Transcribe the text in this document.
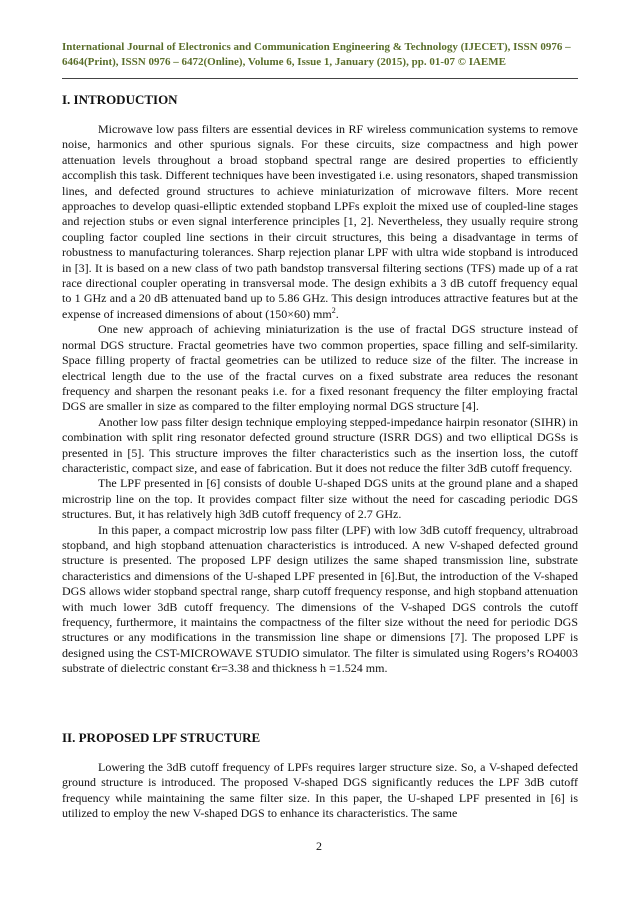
International Journal of Electronics and Communication Engineering & Technology (IJECET), ISSN 0976 – 6464(Print), ISSN 0976 – 6472(Online), Volume 6, Issue 1, January (2015), pp. 01-07 © IAEME
I. INTRODUCTION

Microwave low pass filters are essential devices in RF wireless communication systems to remove noise, harmonics and other spurious signals. For these circuits, size compactness and high power attenuation levels throughout a broad stopband spectral range are desired properties to efficiently accomplish this task. Different techniques have been investigated i.e. using resonators, shaped transmission lines, and defected ground structures to achieve miniaturization of microwave filters. More recent approaches to develop quasi-elliptic extended stopband LPFs exploit the mixed use of coupled-line stages and rejection stubs or even signal interference principles [1, 2]. Nevertheless, they usually require strong coupling factor coupled line sections in their circuit structures, this being a disadvantage in terms of robustness to manufacturing tolerances. Sharp rejection planar LPF with ultra wide stopband is introduced in [3]. It is based on a new class of two path bandstop transversal filtering sections (TFS) made up of a rat race directional coupler operating in transversal mode. The design exhibits a 3 dB cutoff frequency equal to 1 GHz and a 20 dB attenuated band up to 5.86 GHz. This design introduces attractive features but at the expense of increased dimensions of about (150×60) $mm^2$.

One new approach of achieving miniaturization is the use of fractal DGS structure instead of normal DGS structure. Fractal geometries have two common properties, space filling and self-similarity. Space filling property of fractal geometries can be utilized to reduce size of the filter. The increase in electrical length due to the use of the fractal curves on a fixed substrate area reduces the resonant frequency and sharpen the resonant peaks i.e. for a fixed resonant frequency the filter employing fractal DGS are smaller in size as compared to the filter employing normal DGS structure [4].

Another low pass filter design technique employing stepped-impedance hairpin resonator (SIHR) in combination with split ring resonator defected ground structure (ISRR DGS) and two elliptical DGSs is presented in [5]. This structure improves the filter characteristics such as the insertion loss, the cutoff characteristic, compact size, and ease of fabrication. But it does not reduce the filter 3dB cutoff frequency.

The LPF presented in [6] consists of double U-shaped DGS units at the ground plane and a shaped microstrip line on the top. It provides compact filter size without the need for cascading periodic DGS structures. But, it has relatively high 3dB cutoff frequency of 2.7 GHz.

In this paper, a compact microstrip low pass filter (LPF) with low 3dB cutoff frequency, ultrabroad stopband, and high stopband attenuation characteristics is introduced. A new V-shaped defected ground structure is presented. The proposed LPF design utilizes the same shaped transmission line, substrate characteristics and dimensions of the U-shaped LPF presented in [6].But, the introduction of the V-shaped DGS allows wider stopband spectral range, sharp cutoff frequency response, and high stopband attenuation with much lower 3dB cutoff frequency. The dimensions of the V-shaped DGS controls the cutoff frequency, furthermore, it maintains the compactness of the filter size without the need for periodic DGS structures or any modifications in the transmission line shape or dimensions [7]. The proposed LPF is designed using the CST-MICROWAVE STUDIO simulator. The filter is simulated using Rogers’s RO4003 substrate of dielectric constant €r=3.38 and thickness h =1.524 mm.

II. PROPOSED LPF STRUCTURE

Lowering the 3dB cutoff frequency of LPFs requires larger structure size. So, a V-shaped defected ground structure is introduced. The proposed V-shaped DGS significantly reduces the LPF 3dB cutoff frequency while maintaining the same filter size. In this paper, the U-shaped LPF presented in [6] is utilized to employ the new V-shaped DGS to enhance its characteristics. The same

2
